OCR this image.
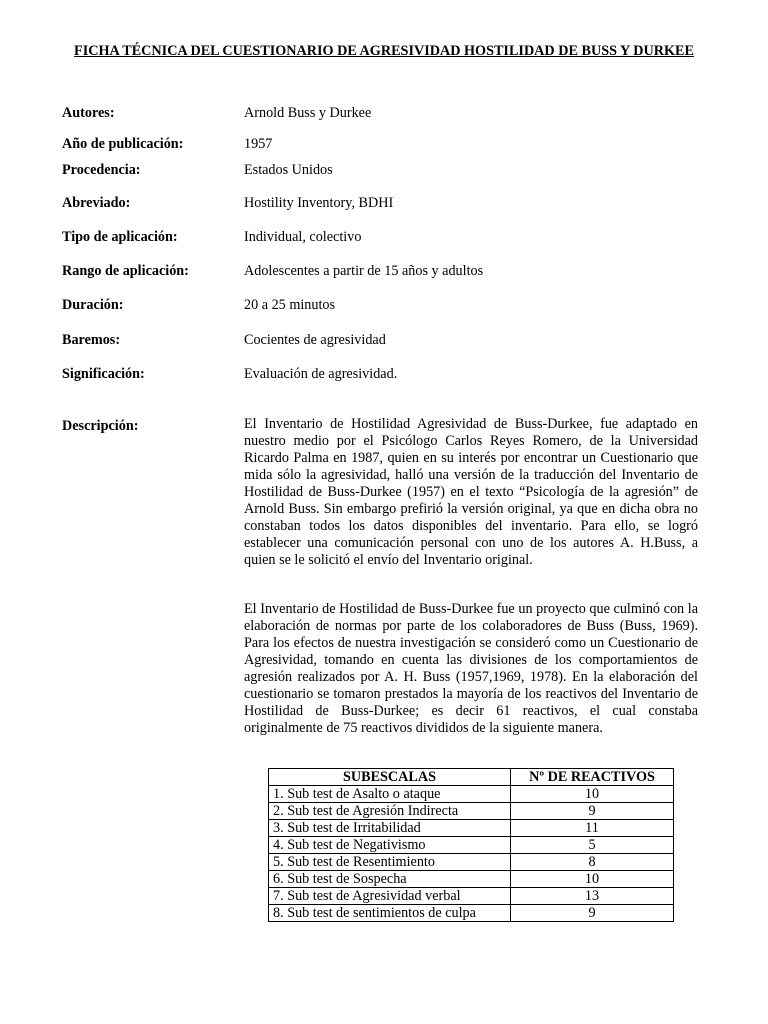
FICHA TÉCNICA DEL CUESTIONARIO DE AGRESIVIDAD HOSTILIDAD DE BUSS Y DURKEE
Autores:	Arnold Buss y Durkee
Año de publicación:	1957
Procedencia:	Estados Unidos
Abreviado:	Hostility Inventory, BDHI
Tipo de aplicación:	Individual, colectivo
Rango de aplicación:	Adolescentes a partir de 15 años y adultos
Duración:	20 a 25 minutos
Baremos:	Cocientes de agresividad
Significación:	Evaluación de agresividad.
Descripción:	El Inventario de Hostilidad Agresividad de Buss-Durkee, fue adaptado en nuestro medio por el Psicólogo Carlos Reyes Romero, de la Universidad Ricardo Palma en 1987, quien en su interés por encontrar un Cuestionario que mida sólo la agresividad, halló una versión de la traducción del Inventario de Hostilidad de Buss-Durkee (1957) en el texto “Psicología de la agresión” de Arnold Buss. Sin embargo prefirió la versión original, ya que en dicha obra no constaban todos los datos disponibles del inventario. Para ello, se logró establecer una comunicación personal con uno de los autores A. H.Buss, a quien se le solicitó el envío del Inventario original.
El Inventario de Hostilidad de Buss-Durkee fue un proyecto que culminó con la elaboración de normas por parte de los colaboradores de Buss (Buss, 1969). Para los efectos de nuestra investigación se consideró como un Cuestionario de Agresividad, tomando en cuenta las divisiones de los comportamientos de agresión realizados por A. H. Buss (1957,1969, 1978). En la elaboración del cuestionario se tomaron prestados la mayoría de los reactivos del Inventario de Hostilidad de Buss-Durkee; es decir 61 reactivos, el cual constaba originalmente de 75 reactivos divididos de la siguiente manera.
SUBESCALAS	Nº DE REACTIVOS
1. Sub test de Asalto o ataque	10
2. Sub test de Agresión Indirecta	9
3. Sub test de Irritabilidad	11
4. Sub test de Negativismo	5
5. Sub test de Resentimiento	8
6. Sub test de Sospecha	10
7. Sub test de Agresividad verbal	13
8. Sub test de sentimientos de culpa	9
